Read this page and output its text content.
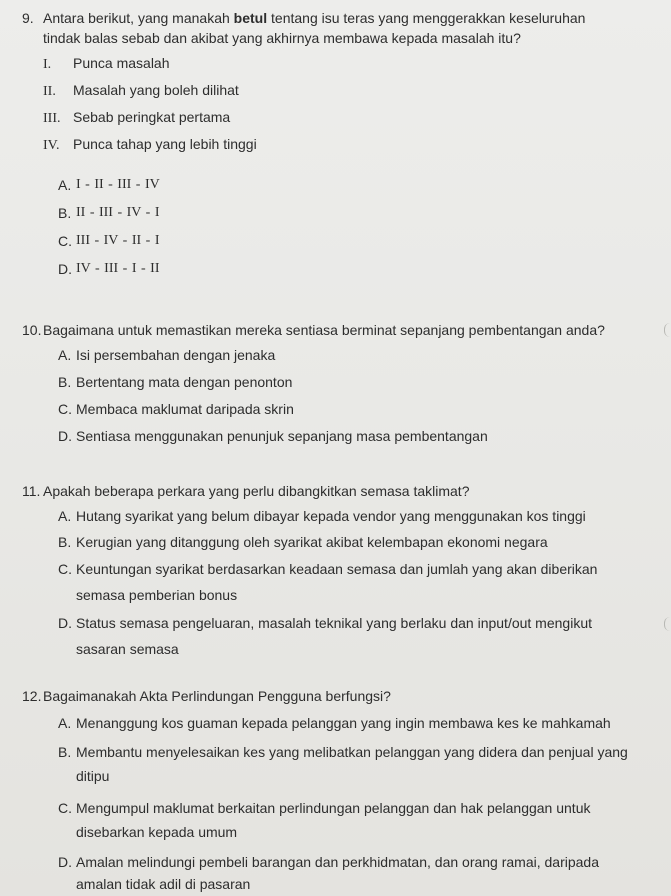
9. Antara berikut, yang manakah betul tentang isu teras yang menggerakkan keseluruhan
tindak balas sebab dan akibat yang akhirnya membawa kepada masalah itu?
I. Punca masalah
II. Masalah yang boleh dilihat
III. Sebab peringkat pertama
IV. Punca tahap yang lebih tinggi
A. I - II - III - IV
B. II - III - IV - I
C. III - IV - II - I
D. IV - III - I - II
10. Bagaimana untuk memastikan mereka sentiasa berminat sepanjang pembentangan anda?
A. Isi persembahan dengan jenaka
B. Bertentang mata dengan penonton
C. Membaca maklumat daripada skrin
D. Sentiasa menggunakan penunjuk sepanjang masa pembentangan
11. Apakah beberapa perkara yang perlu dibangkitkan semasa taklimat?
A. Hutang syarikat yang belum dibayar kepada vendor yang menggunakan kos tinggi
B. Kerugian yang ditanggung oleh syarikat akibat kelembapan ekonomi negara
C. Keuntungan syarikat berdasarkan keadaan semasa dan jumlah yang akan diberikan
semasa pemberian bonus
D. Status semasa pengeluaran, masalah teknikal yang berlaku dan input/out mengikut
sasaran semasa
12. Bagaimanakah Akta Perlindungan Pengguna berfungsi?
A. Menanggung kos guaman kepada pelanggan yang ingin membawa kes ke mahkamah
B. Membantu menyelesaikan kes yang melibatkan pelanggan yang didera dan penjual yang
ditipu
C. Mengumpul maklumat berkaitan perlindungan pelanggan dan hak pelanggan untuk
disebarkan kepada umum
D. Amalan melindungi pembeli barangan dan perkhidmatan, dan orang ramai, daripada
amalan tidak adil di pasaran
